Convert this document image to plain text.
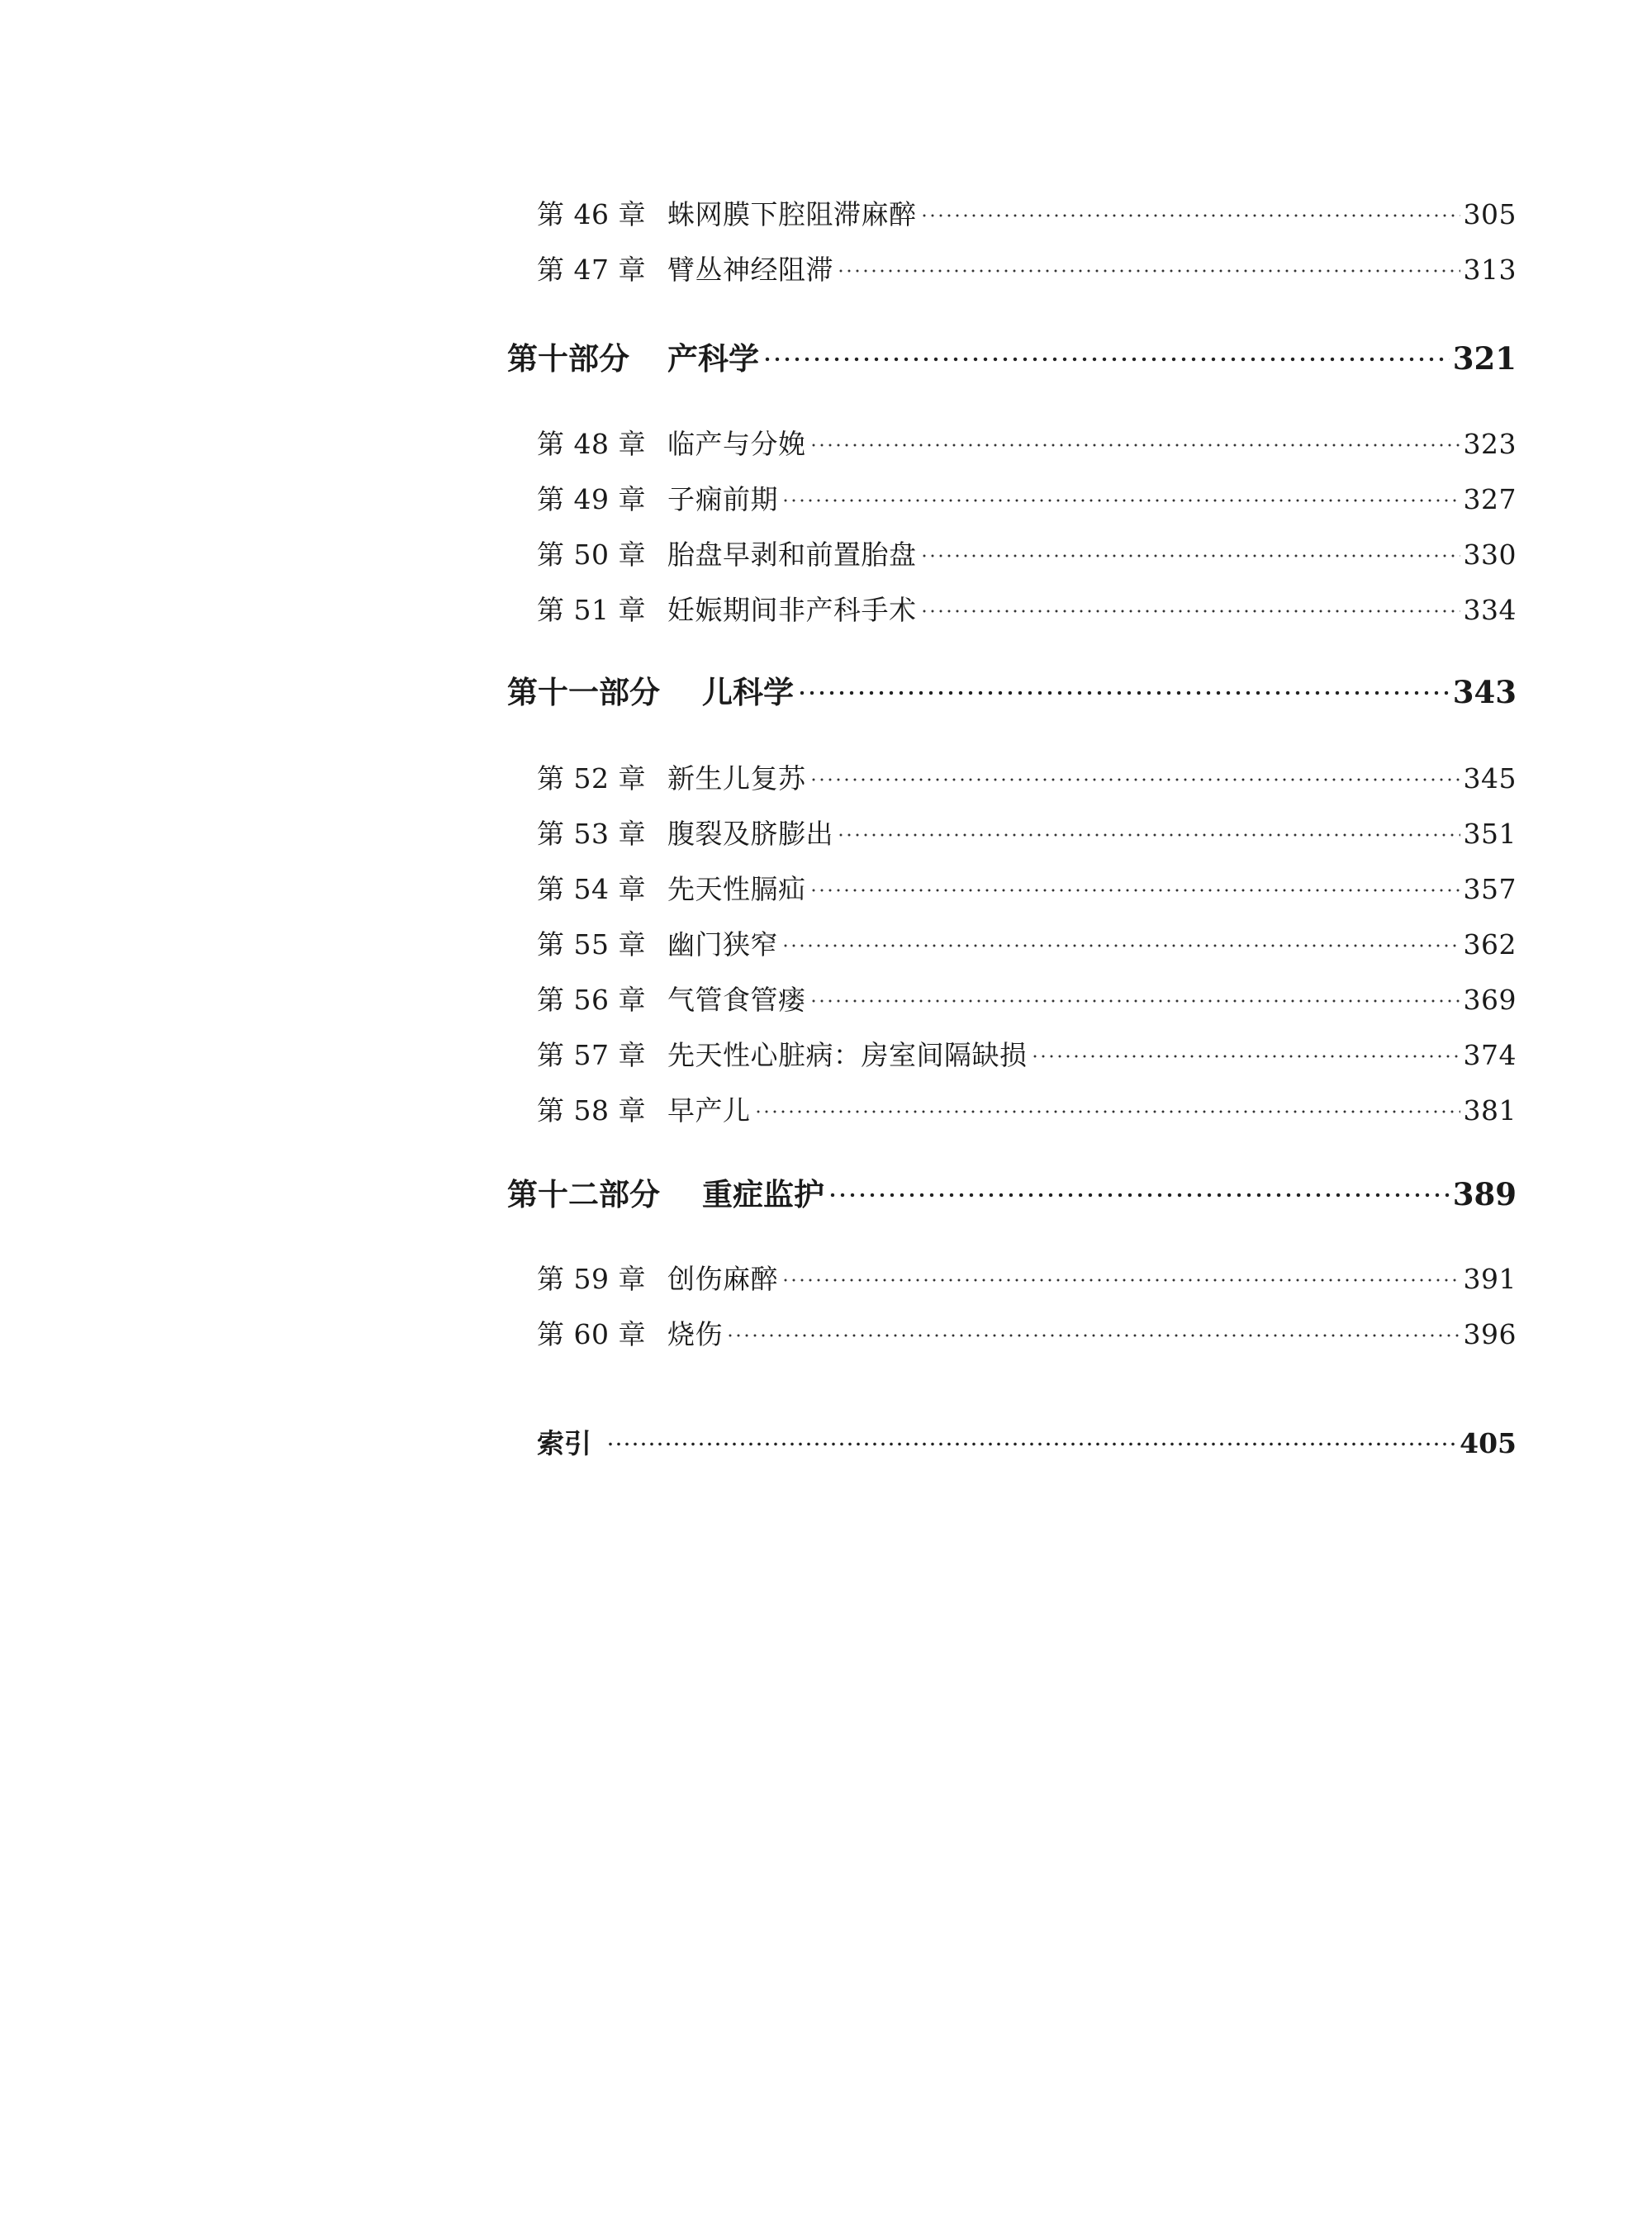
第 46 章 蛛网膜下腔阻滞麻醉	305
第 47 章 臂丛神经阻滞	313
第十部分	产科学	321
第 48 章 临产与分娩	323
第 49 章 子痫前期	327
第 50 章 胎盘早剥和前置胎盘	330
第 51 章 妊娠期间非产科手术	334
第十一部分	儿科学	343
第 52 章 新生儿复苏	345
第 53 章 腹裂及脐膨出	351
第 54 章 先天性膈疝	357
第 55 章 幽门狭窄	362
第 56 章 气管食管瘘	369
第 57 章 先天性心脏病：房室间隔缺损	374
第 58 章 早产儿	381
第十二部分	重症监护	389
第 59 章 创伤麻醉	391
第 60 章 烧伤	396
索引	405
